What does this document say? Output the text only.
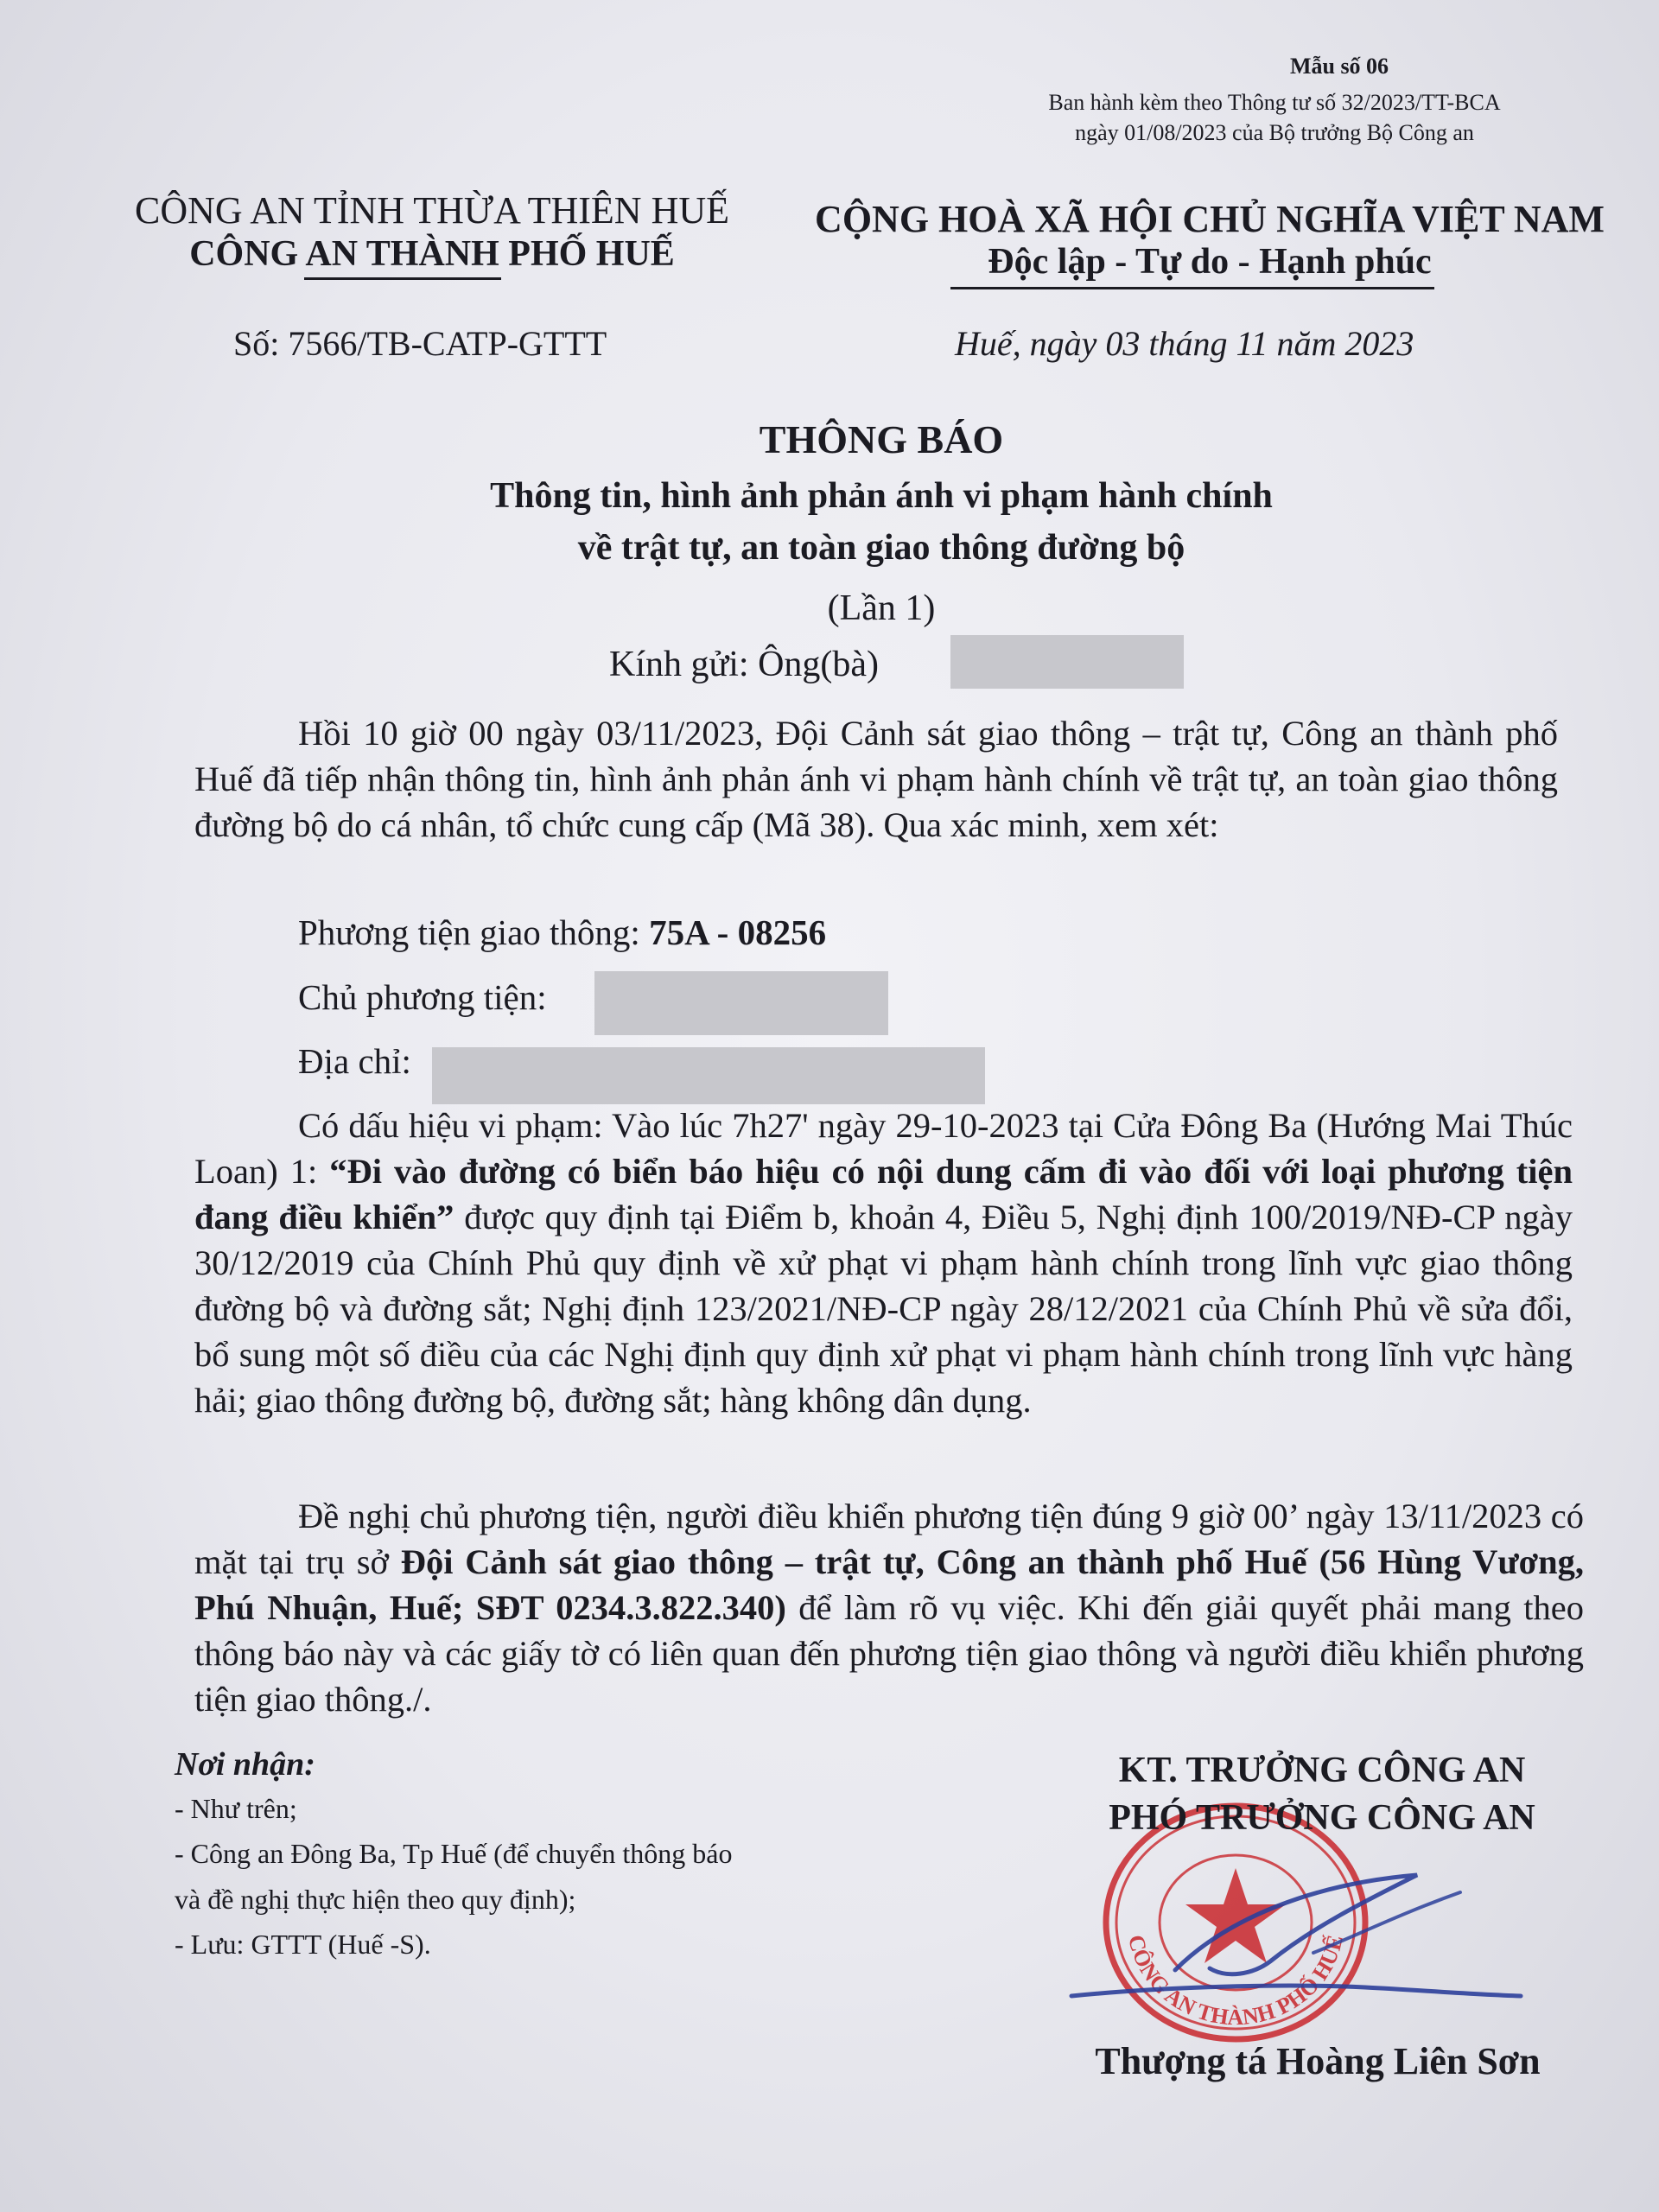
Mẫu số 06
Ban hành kèm theo Thông tư số 32/2023/TT-BCA
ngày 01/08/2023 của Bộ trưởng Bộ Công an
CÔNG AN TỈNH THỪA THIÊN HUẾ
CÔNG AN THÀNH PHỐ HUẾ
CỘNG HOÀ XÃ HỘI CHỦ NGHĨA VIỆT NAM
Độc lập - Tự do - Hạnh phúc
Số: 7566/TB-CATP-GTTT	Huế, ngày 03 tháng 11 năm 2023
THÔNG BÁO
Thông tin, hình ảnh phản ánh vi phạm hành chính
về trật tự, an toàn giao thông đường bộ
(Lần 1)
Kính gửi: Ông(bà)
Hồi 10 giờ 00 ngày 03/11/2023, Đội Cảnh sát giao thông – trật tự, Công an thành phố Huế đã tiếp nhận thông tin, hình ảnh phản ánh vi phạm hành chính về trật tự, an toàn giao thông đường bộ do cá nhân, tổ chức cung cấp (Mã 38). Qua xác minh, xem xét:
Phương tiện giao thông: 75A - 08256
Chủ phương tiện:
Địa chỉ:
Có dấu hiệu vi phạm: Vào lúc 7h27' ngày 29-10-2023 tại Cửa Đông Ba (Hướng Mai Thúc Loan) 1: “Đi vào đường có biển báo hiệu có nội dung cấm đi vào đối với loại phương tiện đang điều khiển” được quy định tại Điểm b, khoản 4, Điều 5, Nghị định 100/2019/NĐ-CP ngày 30/12/2019 của Chính Phủ quy định về xử phạt vi phạm hành chính trong lĩnh vực giao thông đường bộ và đường sắt; Nghị định 123/2021/NĐ-CP ngày 28/12/2021 của Chính Phủ về sửa đổi, bổ sung một số điều của các Nghị định quy định xử phạt vi phạm hành chính trong lĩnh vực hàng hải; giao thông đường bộ, đường sắt; hàng không dân dụng.
Đề nghị chủ phương tiện, người điều khiển phương tiện đúng 9 giờ 00’ ngày 13/11/2023 có mặt tại trụ sở Đội Cảnh sát giao thông – trật tự, Công an thành phố Huế (56 Hùng Vương, Phú Nhuận, Huế; SĐT 0234.3.822.340) để làm rõ vụ việc. Khi đến giải quyết phải mang theo thông báo này và các giấy tờ có liên quan đến phương tiện giao thông và người điều khiển phương tiện giao thông./.
Nơi nhận:
- Như trên;
- Công an Đông Ba, Tp Huế (để chuyển thông báo
và đề nghị thực hiện theo quy định);
- Lưu: GTTT (Huế -S).	CÔNG AN THÀNH PHỐ HUẾ
KT. TRƯỞNG CÔNG AN
PHÓ TRƯỞNG CÔNG AN
Thượng tá Hoàng Liên Sơn
